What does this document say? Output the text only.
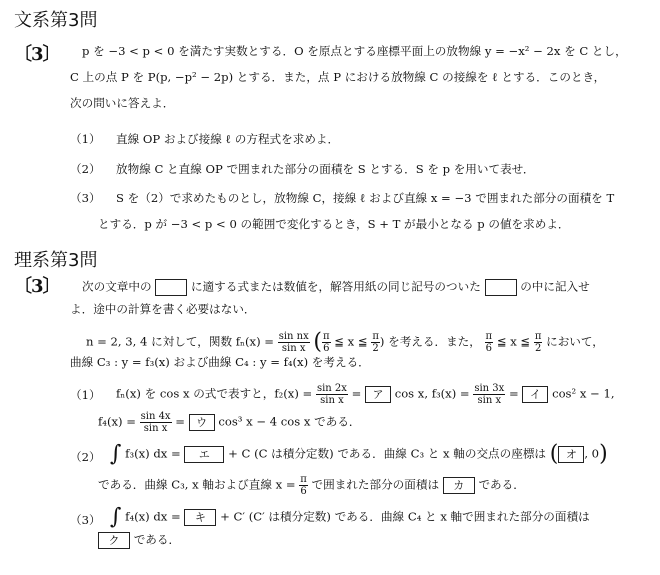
文系第3問
〔3〕 p を −3 < p < 0 を満たす実数とする．O を原点とする座標平面上の放物線 y = −x² − 2x を C とし，
C 上の点 P を P(p, −p² − 2p) とする．また，点 P における放物線 C の接線を ℓ とする．このとき，
次の問いに答えよ．
（1） 直線 OP および接線 ℓ の方程式を求めよ．
（2） 放物線 C と直線 OP で囲まれた部分の面積を S とする．S を p を用いて表せ．
（3） S を（2）で求めたものとし，放物線 C，接線 ℓ および直線 x = −3 で囲まれた部分の面積を T
とする．p が −3 < p < 0 の範囲で変化するとき，S + T が最小となる p の値を求めよ．
理系第3問
〔3〕 次の文章中の	に適する式または数値を，解答用紙の同じ記号のついた	の中に記入せ
よ．途中の計算を書く必要はない．
n = 2, 3, 4 に対して，関数 $f_n(x) = \frac{\text{sin nx}}{\text{sin x}}$ ( $\frac{\pi}{6}$ ≦ x ≦ $\frac{\pi}{2}$ ) を考える．また， $\frac{\pi}{6}$ ≦ x ≦ $\frac{\pi}{2}$ において，
曲線 C₃ : y = f₃(x) および曲線 C₄ : y = f₄(x) を考える．
（1） fₙ(x) を cos x の式で表すと，$f_2(x) = \frac{\sin 2x}{\text{sin x}}$ = ア cos x, $f_3(x) = \frac{\sin 3x}{\text{sin x}}$ = イ cos² x − 1,
$f_4(x) = \frac{\sin 4x}{\text{sin x}}$ = ウ cos³ x − 4 cos x である．
（2） ∫ f₃(x) dx = エ + C (C は積分定数) である．曲線 C₃ と x 軸の交点の座標は ( オ , 0)
である．曲線 C₃, x 軸および直線 $x = \frac{\pi}{6}$ で囲まれた部分の面積は カ である．
（3） ∫ f₄(x) dx = キ + C′ (C′ は積分定数) である．曲線 C₄ と x 軸で囲まれた部分の面積は
ク である．
